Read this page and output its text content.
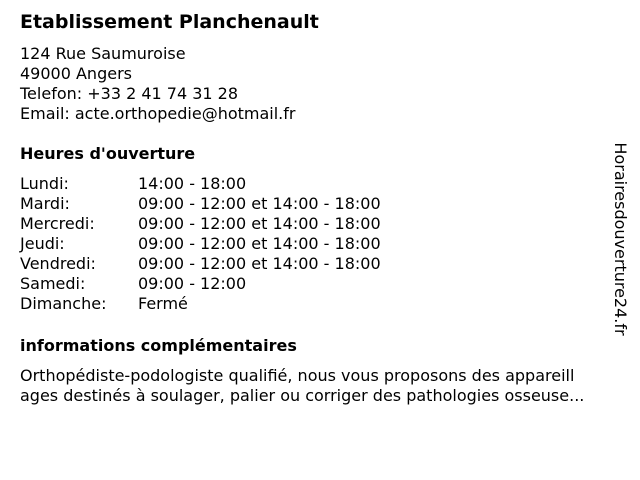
Etablissement Planchenault
124 Rue Saumuroise
49000 Angers
Telefon: +33 2 41 74 31 28
Email: acte.orthopedie@hotmail.fr
Heures d'ouverture
Lundi:	14:00 - 18:00
Mardi:	09:00 - 12:00 et 14:00 - 18:00
Mercredi:	09:00 - 12:00 et 14:00 - 18:00
Jeudi:	09:00 - 12:00 et 14:00 - 18:00
Vendredi:	09:00 - 12:00 et 14:00 - 18:00
Samedi:	09:00 - 12:00
Dimanche:	Fermé
informations complémentaires
Orthopédiste-podologiste qualifié, nous vous proposons des appareill
ages destinés à soulager, palier ou corriger des pathologies osseuse...
Horairesdouverture24.fr
